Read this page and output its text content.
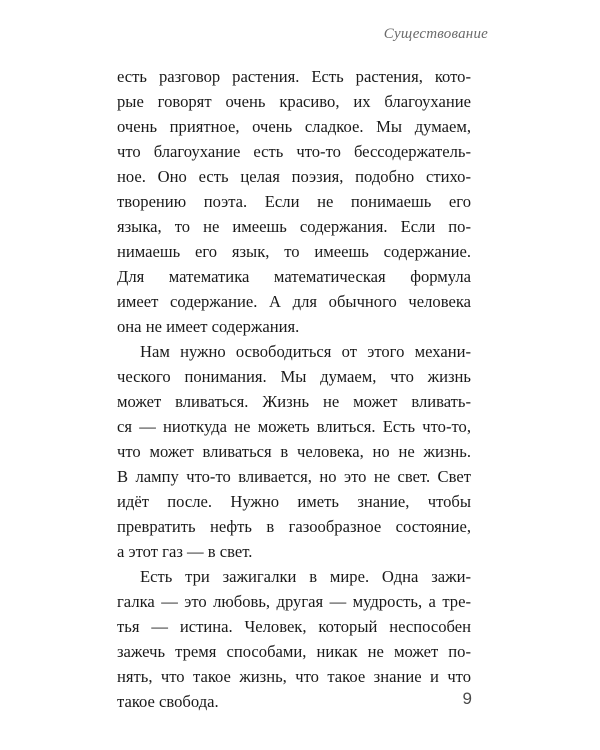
Существование
есть разговор растения. Есть растения, кото-
рые говорят очень красиво, их благоухание
очень приятное, очень сладкое. Мы думаем,
что благоухание есть что-то бессодержатель-
ное. Оно есть целая поэзия, подобно стихо-
творению поэта. Если не понимаешь его
языка, то не имеешь содержания. Если по-
нимаешь его язык, то имеешь содержание.
Для математика математическая формула
имеет содержание. А для обычного человека
она не имеет содержания.
Нам нужно освободиться от этого механи-
ческого понимания. Мы думаем, что жизнь
может вливаться. Жизнь не может вливать-
ся — ниоткуда не можеть влиться. Есть что-то,
что может вливаться в человека, но не жизнь.
В лампу что-то вливается, но это не свет. Свет
идёт после. Нужно иметь знание, чтобы
превратить нефть в газообразное состояние,
а этот газ — в свет.
Есть три зажигалки в мире. Одна зажи-
галка — это любовь, другая — мудрость, а тре-
тья — истина. Человек, который неспособен
зажечь тремя способами, никак не может по-
нять, что такое жизнь, что такое знание и что
такое свобода.	9
